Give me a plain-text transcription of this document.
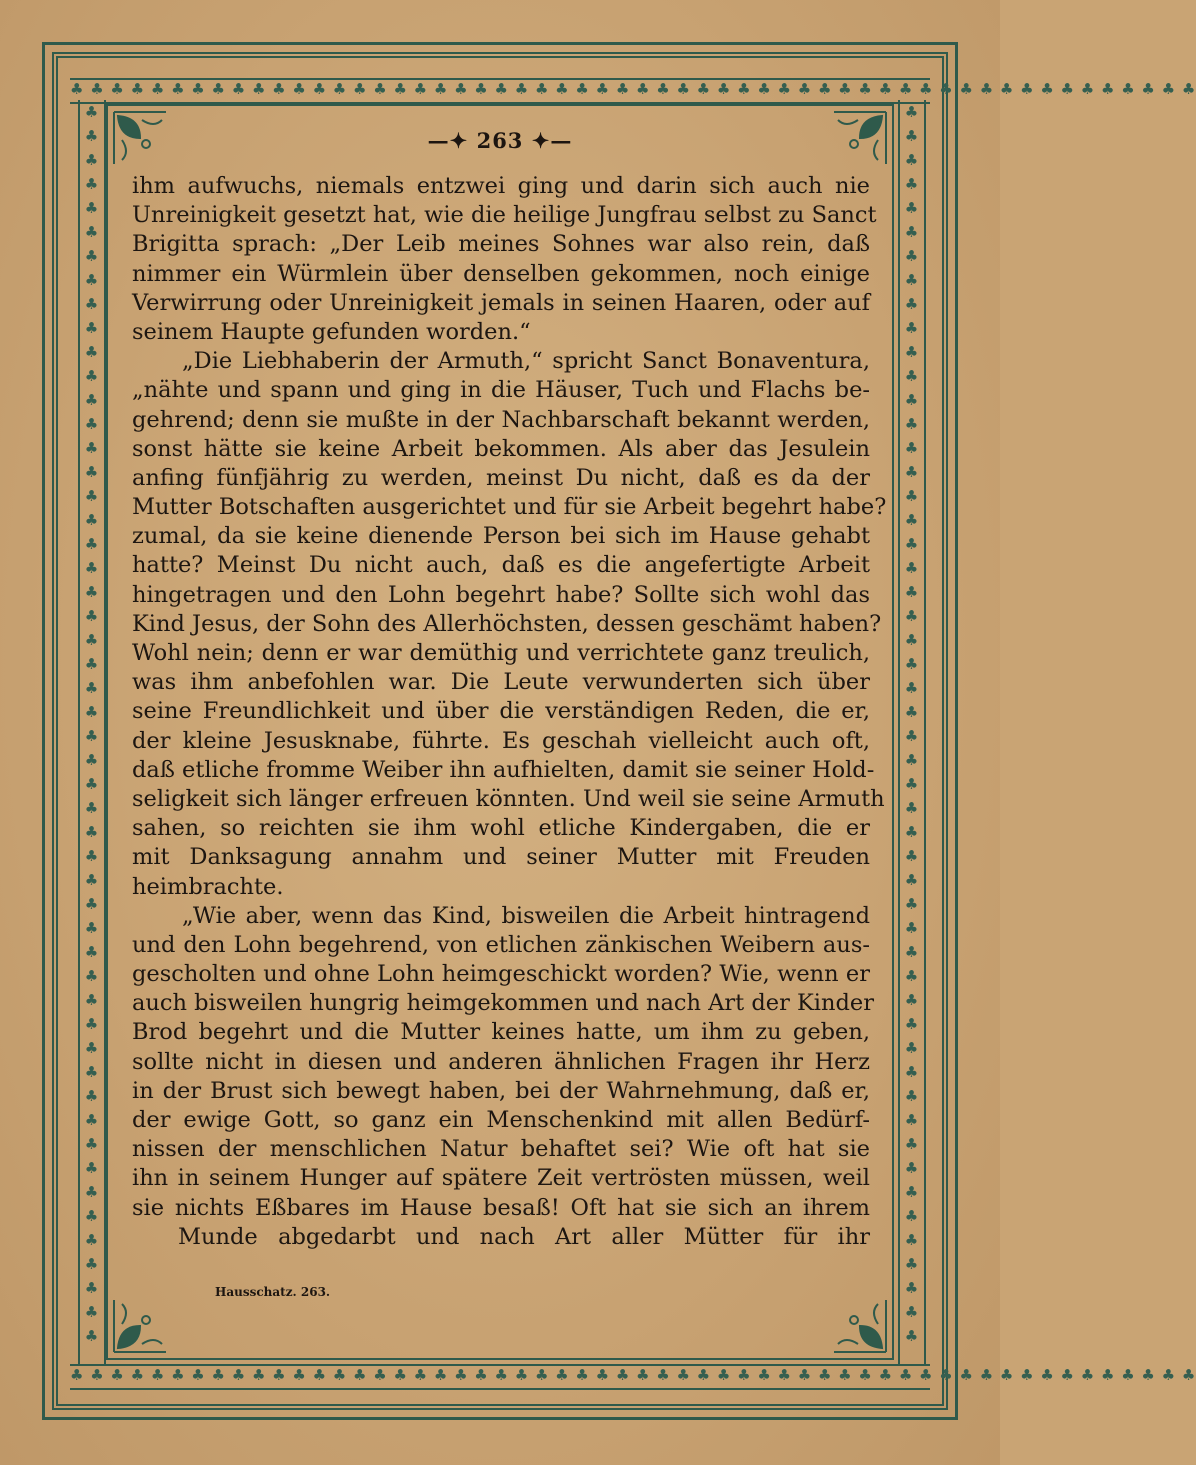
♣ ♣ ♣ ♣ ♣ ♣ ♣ ♣ ♣ ♣ ♣ ♣ ♣ ♣ ♣ ♣ ♣ ♣ ♣ ♣ ♣ ♣ ♣ ♣ ♣ ♣ ♣ ♣ ♣ ♣ ♣ ♣ ♣ ♣ ♣ ♣ ♣ ♣ ♣ ♣ ♣ ♣ ♣ ♣ ♣ ♣ ♣ ♣ ♣ ♣ ♣ ♣ ♣ ♣ ♣ ♣
♣ ♣ ♣ ♣ ♣ ♣ ♣ ♣ ♣ ♣ ♣ ♣ ♣ ♣ ♣ ♣ ♣ ♣ ♣ ♣ ♣ ♣ ♣ ♣ ♣ ♣ ♣ ♣ ♣ ♣ ♣ ♣ ♣ ♣ ♣ ♣ ♣ ♣ ♣ ♣ ♣ ♣ ♣ ♣ ♣ ♣ ♣ ♣ ♣ ♣ ♣ ♣ ♣ ♣ ♣ ♣
♣ ♣ ♣ ♣ ♣ ♣ ♣ ♣ ♣ ♣ ♣ ♣ ♣ ♣ ♣ ♣ ♣ ♣ ♣ ♣ ♣ ♣ ♣ ♣ ♣ ♣ ♣ ♣ ♣ ♣ ♣ ♣ ♣ ♣ ♣ ♣ ♣ ♣ ♣ ♣ ♣ ♣ ♣ ♣ ♣ ♣ ♣ ♣ ♣ ♣ ♣ ♣
♣ ♣ ♣ ♣ ♣ ♣ ♣ ♣ ♣ ♣ ♣ ♣ ♣ ♣ ♣ ♣ ♣ ♣ ♣ ♣ ♣ ♣ ♣ ♣ ♣ ♣ ♣ ♣ ♣ ♣ ♣ ♣ ♣ ♣ ♣ ♣ ♣ ♣ ♣ ♣ ♣ ♣ ♣ ♣ ♣ ♣ ♣ ♣ ♣ ♣ ♣ ♣
—✦ 263 ✦—
ihm aufwuchs, niemals entzwei ging und darin sich auch nie
Unreinigkeit gesetzt hat, wie die heilige Jungfrau selbst zu Sanct
Brigitta sprach: „Der Leib meines Sohnes war also rein, daß
nimmer ein Würmlein über denselben gekommen, noch einige
Verwirrung oder Unreinigkeit jemals in seinen Haaren, oder auf
seinem Haupte gefunden worden.“
„Die Liebhaberin der Armuth,“ spricht Sanct Bonaventura,
„nähte und spann und ging in die Häuser, Tuch und Flachs be-
gehrend; denn sie mußte in der Nachbarschaft bekannt werden,
sonst hätte sie keine Arbeit bekommen. Als aber das Jesulein
anfing fünfjährig zu werden, meinst Du nicht, daß es da der
Mutter Botschaften ausgerichtet und für sie Arbeit begehrt habe?
zumal, da sie keine dienende Person bei sich im Hause gehabt
hatte? Meinst Du nicht auch, daß es die angefertigte Arbeit
hingetragen und den Lohn begehrt habe? Sollte sich wohl das
Kind Jesus, der Sohn des Allerhöchsten, dessen geschämt haben?
Wohl nein; denn er war demüthig und verrichtete ganz treulich,
was ihm anbefohlen war. Die Leute verwunderten sich über
seine Freundlichkeit und über die verständigen Reden, die er,
der kleine Jesusknabe, führte. Es geschah vielleicht auch oft,
daß etliche fromme Weiber ihn aufhielten, damit sie seiner Hold-
seligkeit sich länger erfreuen könnten. Und weil sie seine Armuth
sahen, so reichten sie ihm wohl etliche Kindergaben, die er
mit Danksagung annahm und seiner Mutter mit Freuden
heimbrachte.
„Wie aber, wenn das Kind, bisweilen die Arbeit hintragend
und den Lohn begehrend, von etlichen zänkischen Weibern aus-
gescholten und ohne Lohn heimgeschickt worden? Wie, wenn er
auch bisweilen hungrig heimgekommen und nach Art der Kinder
Brod begehrt und die Mutter keines hatte, um ihm zu geben,
sollte nicht in diesen und anderen ähnlichen Fragen ihr Herz
in der Brust sich bewegt haben, bei der Wahrnehmung, daß er,
der ewige Gott, so ganz ein Menschenkind mit allen Bedürf-
nissen der menschlichen Natur behaftet sei? Wie oft hat sie
ihn in seinem Hunger auf spätere Zeit vertrösten müssen, weil
sie nichts Eßbares im Hause besaß! Oft hat sie sich an ihrem
Munde abgedarbt und nach Art aller Mütter für ihr
Hausschatz. 263.
